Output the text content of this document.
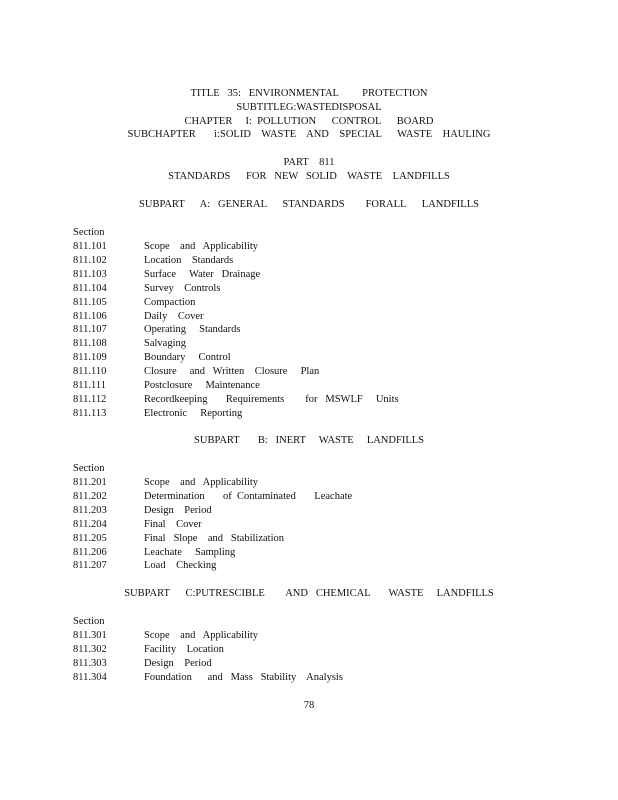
TITLE   35:   ENVIRONMENTAL         PROTECTION
SUBTITLEG:WASTEDISPOSAL
CHAPTER     I:  POLLUTION      CONTROL      BOARD
SUBCHAPTER       i:SOLID    WASTE    AND    SPECIAL      WASTE    HAULING
PART    811
STANDARDS      FOR   NEW   SOLID    WASTE    LANDFILLS
SUBPART      A:   GENERAL      STANDARDS        FORALL      LANDFILLS
Section
811.101	Scope    and   Applicability
811.102	Location    Standards
811.103	Surface     Water   Drainage
811.104	Survey    Controls
811.105	Compaction
811.106	Daily    Cover
811.107	Operating     Standards
811.108	Salvaging
811.109	Boundary     Control
811.110	Closure     and   Written    Closure     Plan
811.111	Postclosure     Maintenance
811.112	Recordkeeping       Requirements        for   MSWLF     Units
811.113	Electronic     Reporting
SUBPART       B:   INERT     WASTE     LANDFILLS
Section
811.201	Scope    and   Applicability
811.202	Determination       of  Contaminated       Leachate
811.203	Design    Period
811.204	Final    Cover
811.205	Final   Slope    and   Stabilization
811.206	Leachate     Sampling
811.207	Load    Checking
SUBPART      C:PUTRESCIBLE        AND   CHEMICAL       WASTE     LANDFILLS
Section
811.301	Scope    and   Applicability
811.302	Facility    Location
811.303	Design    Period
811.304	Foundation      and   Mass   Stability    Analysis
78
